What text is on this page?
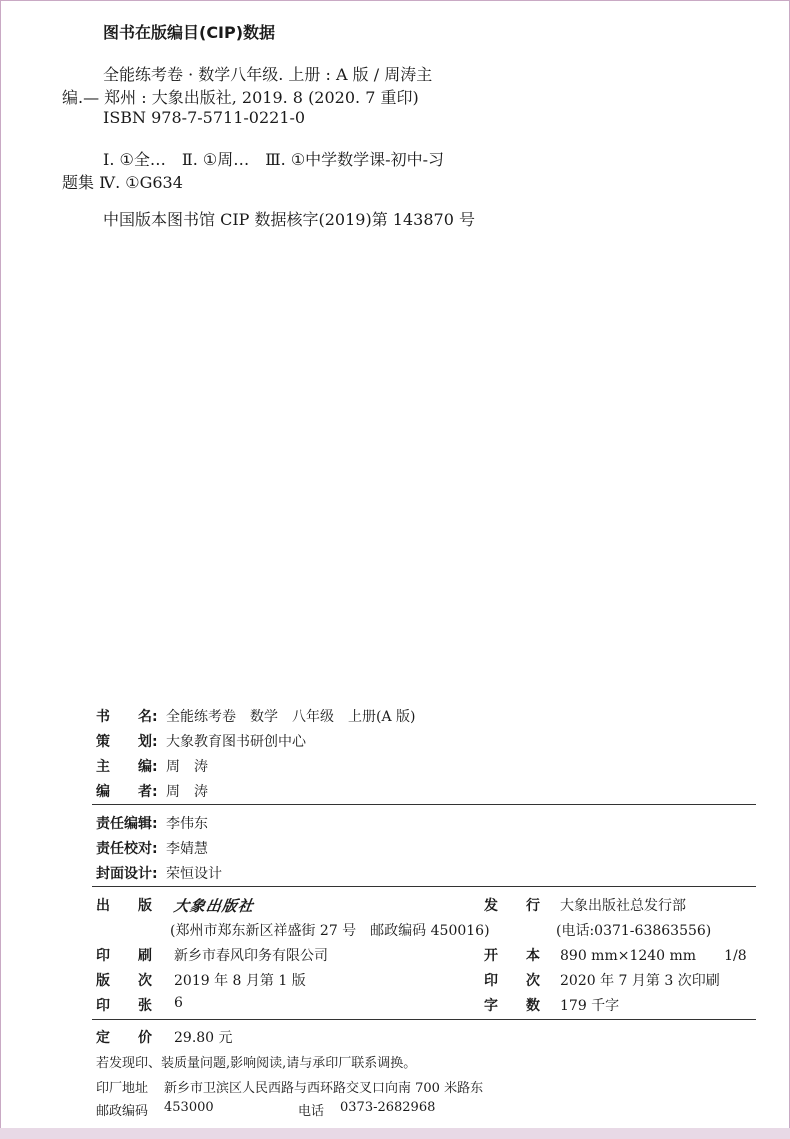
图书在版编目(CIP)数据
全能练考卷 · 数学八年级. 上册 : A 版 / 周涛主
编.— 郑州 : 大象出版社, 2019. 8 (2020. 7 重印)
ISBN 978-7-5711-0221-0
Ⅰ. ①全…　Ⅱ. ①周…　Ⅲ. ①中学数学课-初中-习
题集 Ⅳ. ①G634
中国版本图书馆 CIP 数据核字(2019)第 143870 号
书　　名: 全能练考卷　数学　八年级　上册(A 版)
策　　划: 大象教育图书研创中心
主　　编: 周　涛
编　　者: 周　涛
责任编辑: 李伟东
责任校对: 李婧慧
封面设计: 荣恒设计
出　　版 大象出版社	发　　行 大象出版社总发行部
(郑州市郑东新区祥盛街 27 号　邮政编码 450016)	(电话:0371-63863556)
印　　刷 新乡市春风印务有限公司	开　　本 890 mm×1240 mm　　1/8
版　　次 2019 年 8 月第 1 版	印　　次 2020 年 7 月第 3 次印刷
印　　张 6	字　　数 179 千字
定　　价 29.80 元
若发现印、装质量问题,影响阅读,请与承印厂联系调换。
印厂地址 新乡市卫滨区人民西路与西环路交叉口向南 700 米路东
邮政编码 453000	电话 0373-2682968
